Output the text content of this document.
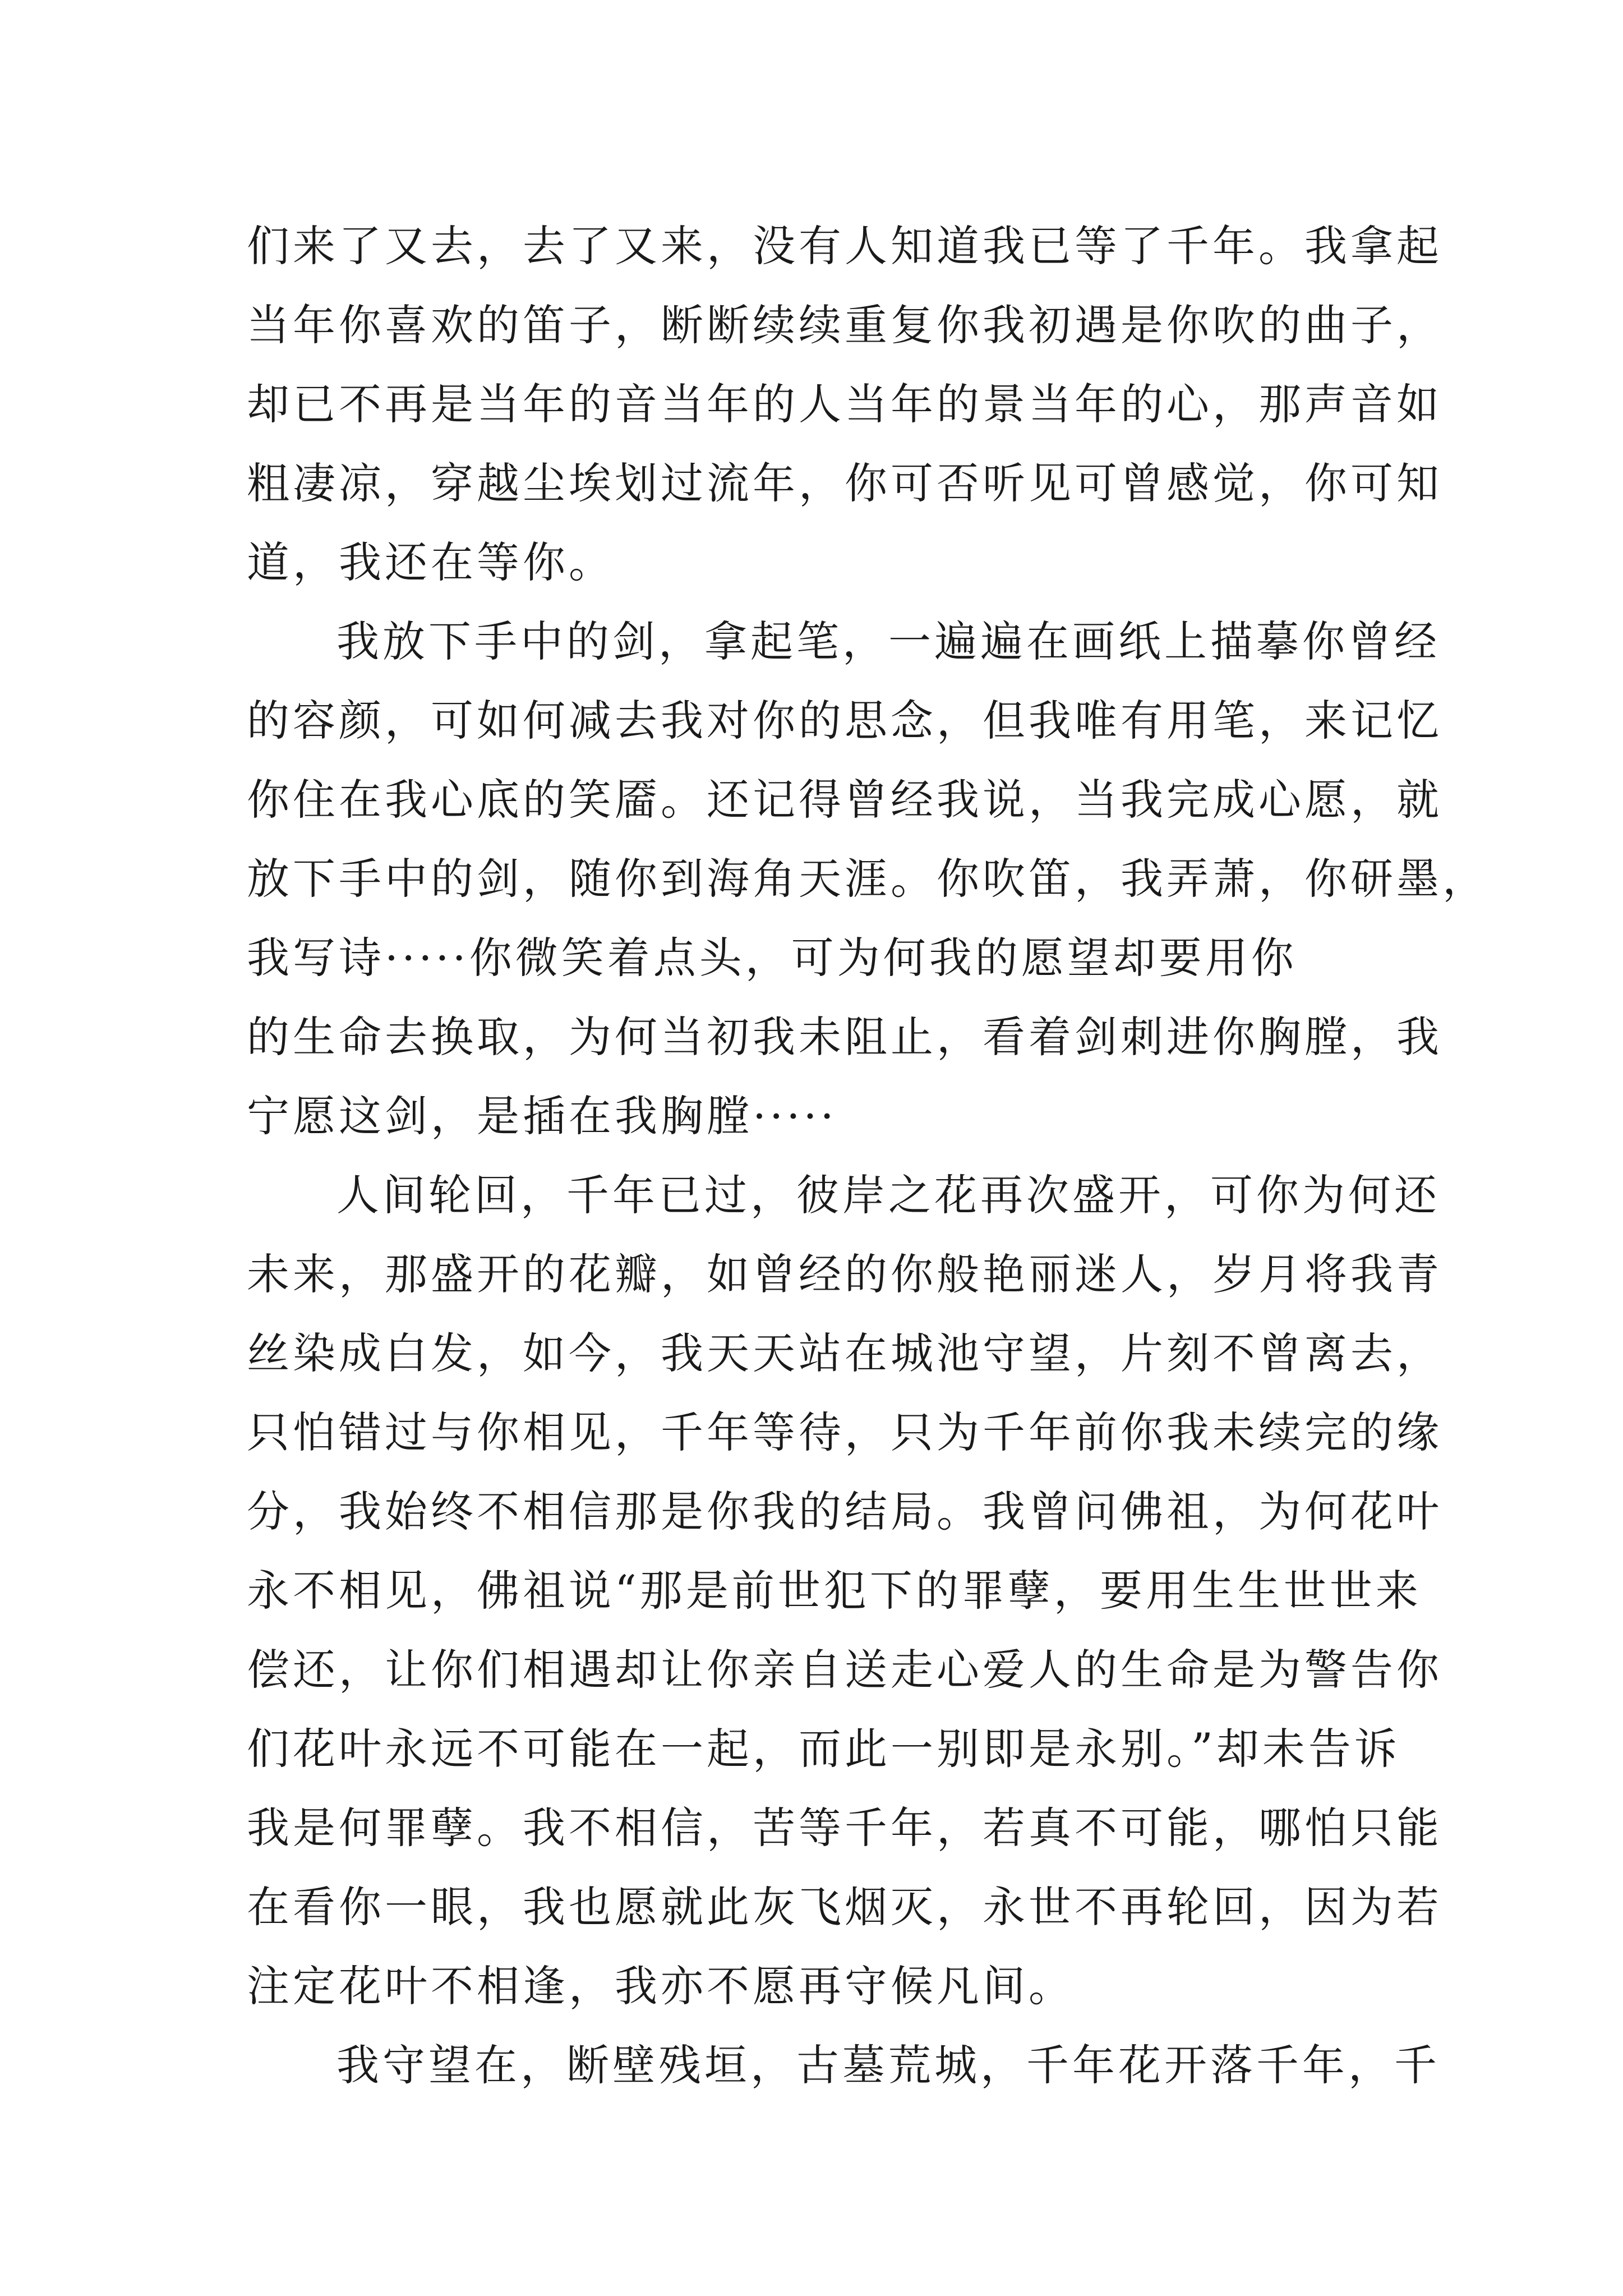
们来了又去，去了又来，没有人知道我已等了千年。我拿起
当年你喜欢的笛子，断断续续重复你我初遇是你吹的曲子，
却已不再是当年的音当年的人当年的景当年的心，那声音如
粗凄凉，穿越尘埃划过流年，你可否听见可曾感觉，你可知
道，我还在等你。
我放下手中的剑，拿起笔，一遍遍在画纸上描摹你曾经
的容颜，可如何减去我对你的思念，但我唯有用笔，来记忆
你住在我心底的笑靥。还记得曾经我说，当我完成心愿，就
放下手中的剑，随你到海角天涯。你吹笛，我弄萧，你研墨，
我写诗·····你微笑着点头，可为何我的愿望却要用你
的生命去换取，为何当初我未阻止，看着剑刺进你胸膛，我
宁愿这剑，是插在我胸膛·····
人间轮回，千年已过，彼岸之花再次盛开，可你为何还
未来，那盛开的花瓣，如曾经的你般艳丽迷人，岁月将我青
丝染成白发，如今，我天天站在城池守望，片刻不曾离去，
只怕错过与你相见，千年等待，只为千年前你我未续完的缘
分，我始终不相信那是你我的结局。我曾问佛祖，为何花叶
永不相见，佛祖说“那是前世犯下的罪孽，要用生生世世来
偿还，让你们相遇却让你亲自送走心爱人的生命是为警告你
们花叶永远不可能在一起，而此一别即是永别。”却未告诉
我是何罪孽。我不相信，苦等千年，若真不可能，哪怕只能
在看你一眼，我也愿就此灰飞烟灭，永世不再轮回，因为若
注定花叶不相逢，我亦不愿再守候凡间。
我守望在，断壁残垣，古墓荒城，千年花开落千年，千
